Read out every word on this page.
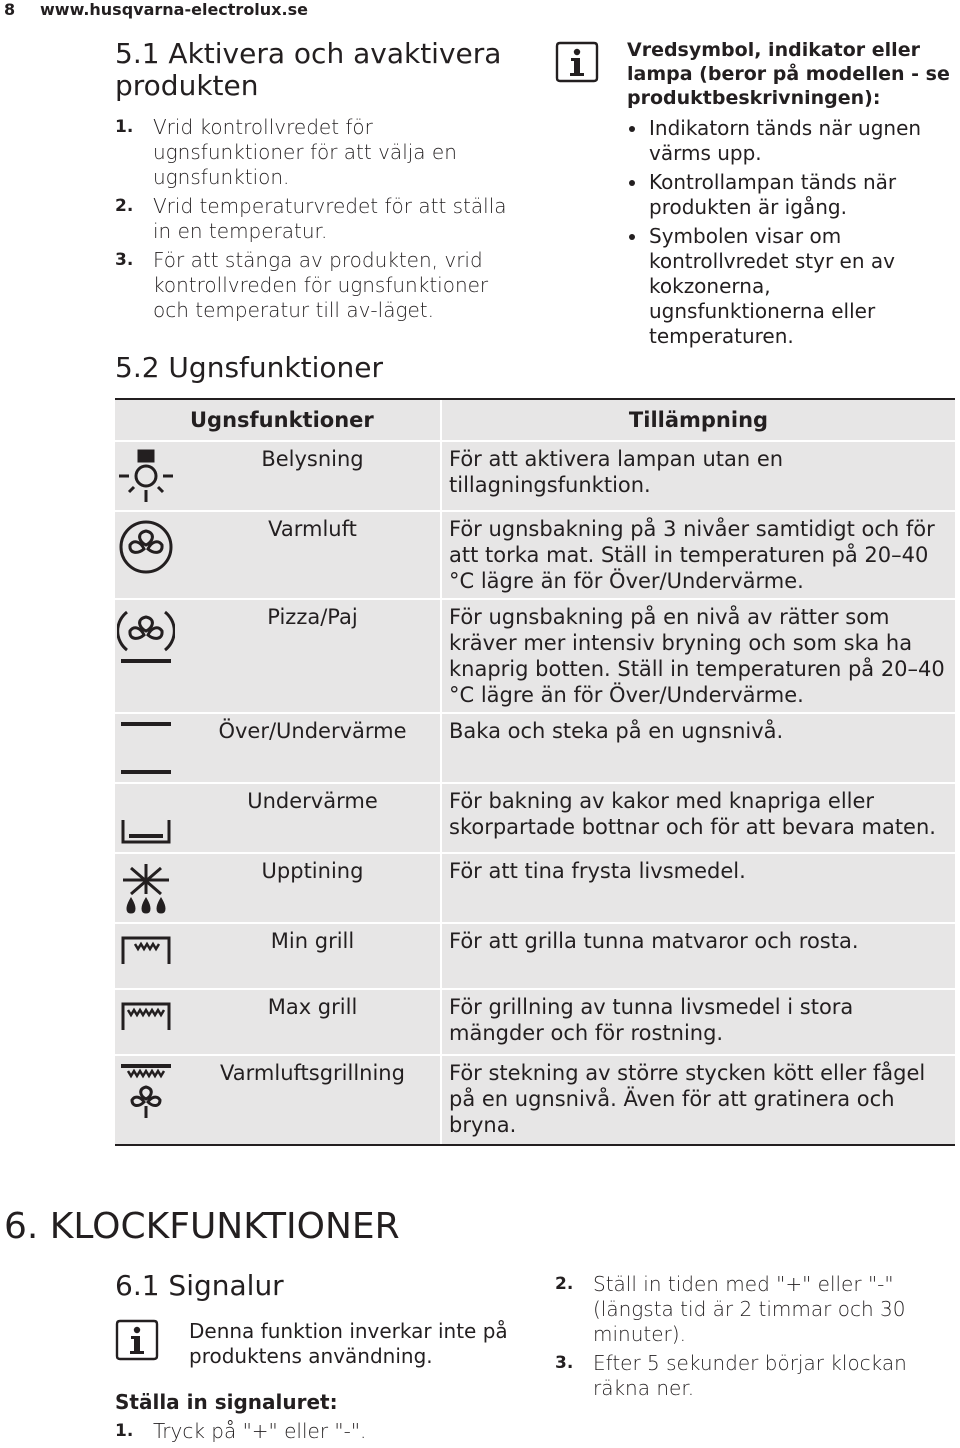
8 www.husqvarna-electrolux.se
5.1 Aktivera och avaktivera produkten
1. Vrid kontrollvredet för ugnsfunktioner för att välja en ugnsfunktion.
2. Vrid temperaturvredet för att ställa in en temperatur.
3. För att stänga av produkten, vrid kontrollvreden för ugnsfunktioner och temperatur till av-läget.

Vredsymbol, indikator eller lampa (beror på modellen - se produktbeskrivningen):

Indikatorn tänds när ugnen värms upp.
Kontrollampan tänds när produkten är igång.
Symbolen visar om kontrollvredet styr en av kokzonerna, ugnsfunktionerna eller temperaturen.
5.2 Ugnsfunktioner
Ugnsfunktioner		Tillämpning

	Belysning	För att aktivera lampan utan en tillagningsfunktion.

	Varmluft	För ugnsbakning på 3 nivåer samtidigt och för att torka mat. Ställ in temperaturen på 20–40 °C lägre än för Över/Undervärme.

	Pizza/Paj	För ugnsbakning på en nivå av rätter som kräver mer intensiv bryning och som ska ha knaprig botten. Ställ in temperaturen på 20–40 °C lägre än för Över/Undervärme.

	Över/Undervärme	Baka och steka på en ugnsnivå.

	Undervärme	För bakning av kakor med knapriga eller skorpartade bottnar och för att bevara maten.

	Upptining	För att tina frysta livsmedel.

	Min grill	För att grilla tunna matvaror och rosta.

	Max grill	För grillning av tunna livsmedel i stora mängder och för rostning.

	Varmluftsgrillning	För stekning av större stycken kött eller fågel på en ugnsnivå. Även för att gratinera och bryna.
6. KLOCKFUNKTIONER
6.1 Signalur
Denna funktion inverkar inte på produktens användning.
Ställa in signaluret:
1. Tryck på "+" eller "-".
2. Ställ in tiden med "+" eller "-" (längsta tid är 2 timmar och 30 minuter).
3. Efter 5 sekunder börjar klockan räkna ner.
